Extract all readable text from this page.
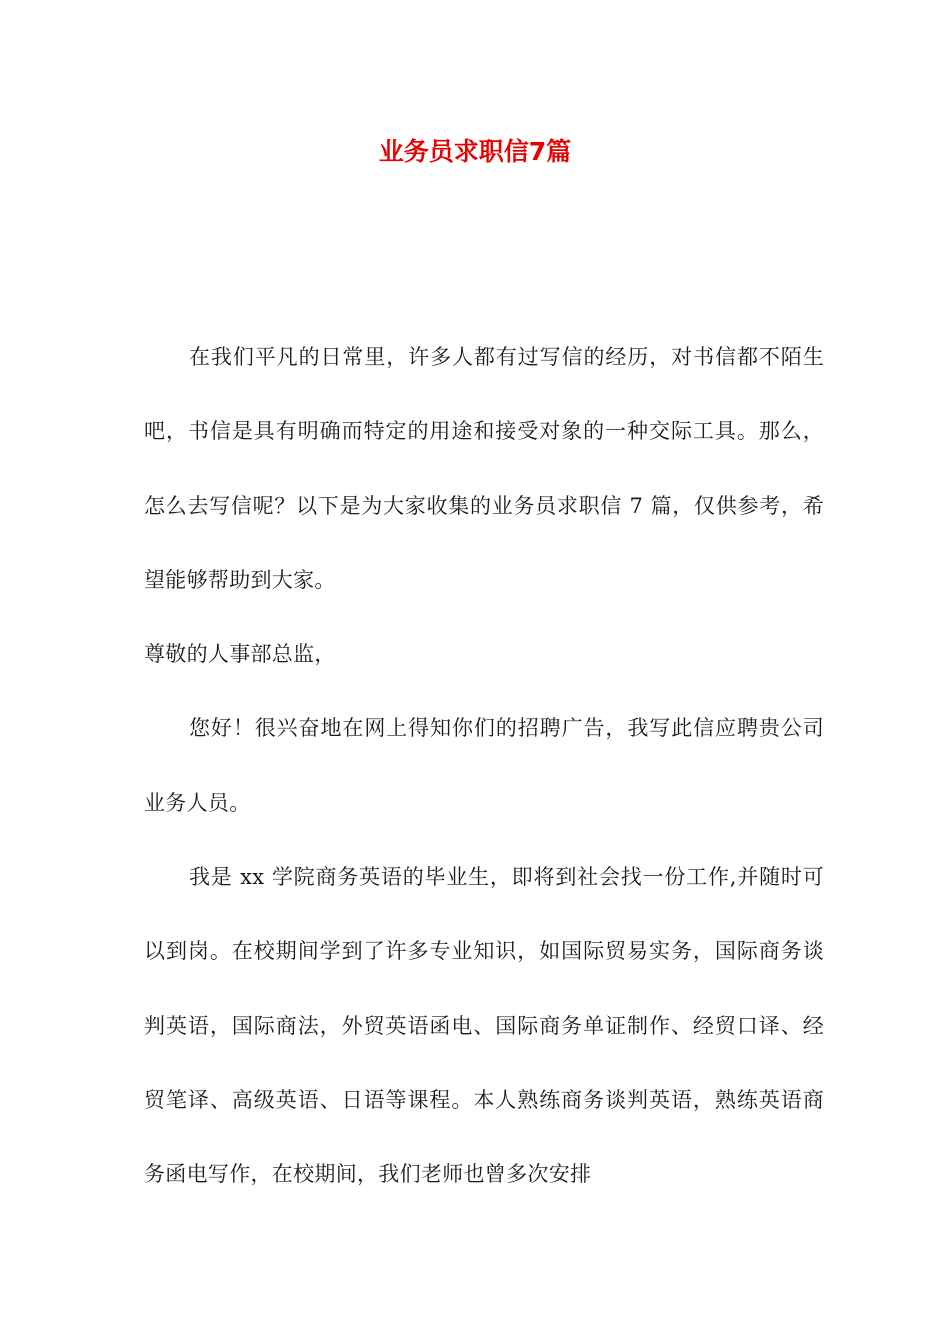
业务员求职信7篇

在我们平凡的日常里，许多人都有过写信的经历，对书信都不陌生吧，书信是具有明确而特定的用途和接受对象的一种交际工具。那么，怎么去写信呢？以下是为大家收集的业务员求职信 7 篇，仅供参考，希望能够帮助到大家。

尊敬的人事部总监，

您好！很兴奋地在网上得知你们的招聘广告，我写此信应聘贵公司业务人员。

我是 xx 学院商务英语的毕业生，即将到社会找一份工作,并随时可以到岗。在校期间学到了许多专业知识，如国际贸易实务，国际商务谈判英语，国际商法，外贸英语函电、国际商务单证制作、经贸口译、经贸笔译、高级英语、日语等课程。本人熟练商务谈判英语，熟练英语商务函电写作，在校期间，我们老师也曾多次安排
